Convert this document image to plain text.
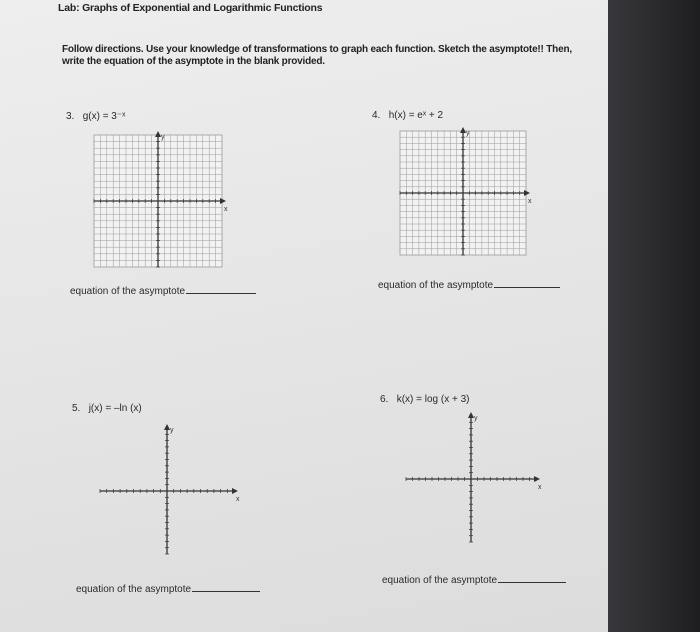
Lab: Graphs of Exponential and Logarithmic Functions
Follow directions. Use your knowledge of transformations to graph each function. Sketch the asymptote!! Then, write the equation of the asymptote in the blank provided.
3. g(x) = 3⁻ˣ
x
y
equation of the asymptote
4. h(x) = eˣ + 2
x
y
equation of the asymptote
5. j(x) = –ln (x)
x
y
equation of the asymptote
6. k(x) = log (x + 3)
x
y
equation of the asymptote
